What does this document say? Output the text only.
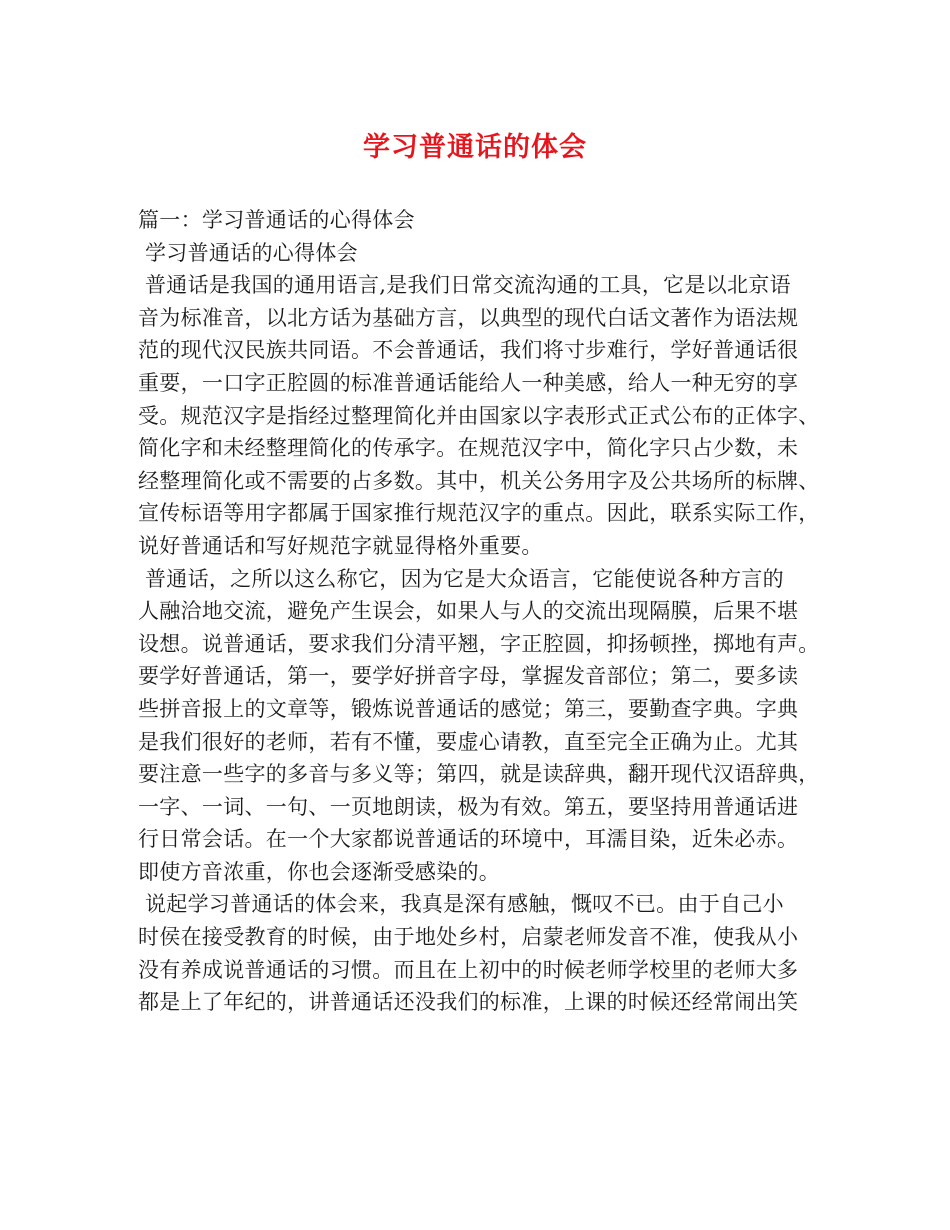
学习普通话的体会
篇一：学习普通话的心得体会
学习普通话的心得体会
普通话是我国的通用语言,是我们日常交流沟通的工具，它是以北京语
音为标准音，以北方话为基础方言，以典型的现代白话文著作为语法规
范的现代汉民族共同语。不会普通话，我们将寸步难行，学好普通话很
重要，一口字正腔圆的标准普通话能给人一种美感，给人一种无穷的享
受。规范汉字是指经过整理简化并由国家以字表形式正式公布的正体字、
简化字和未经整理简化的传承字。在规范汉字中，简化字只占少数，未
经整理简化或不需要的占多数。其中，机关公务用字及公共场所的标牌、
宣传标语等用字都属于国家推行规范汉字的重点。因此，联系实际工作，
说好普通话和写好规范字就显得格外重要。
普通话，之所以这么称它，因为它是大众语言，它能使说各种方言的
人融洽地交流，避免产生误会，如果人与人的交流出现隔膜，后果不堪
设想。说普通话，要求我们分清平翘，字正腔圆，抑扬顿挫，掷地有声。
要学好普通话，第一，要学好拼音字母，掌握发音部位；第二，要多读
些拼音报上的文章等，锻炼说普通话的感觉；第三，要勤查字典。字典
是我们很好的老师，若有不懂，要虚心请教，直至完全正确为止。尤其
要注意一些字的多音与多义等；第四，就是读辞典，翻开现代汉语辞典，
一字、一词、一句、一页地朗读，极为有效。第五，要坚持用普通话进
行日常会话。在一个大家都说普通话的环境中，耳濡目染，近朱必赤。
即使方音浓重，你也会逐渐受感染的。
说起学习普通话的体会来，我真是深有感触，慨叹不已。由于自己小
时侯在接受教育的时候，由于地处乡村，启蒙老师发音不准，使我从小
没有养成说普通话的习惯。而且在上初中的时候老师学校里的老师大多
都是上了年纪的，讲普通话还没我们的标准，上课的时候还经常闹出笑
